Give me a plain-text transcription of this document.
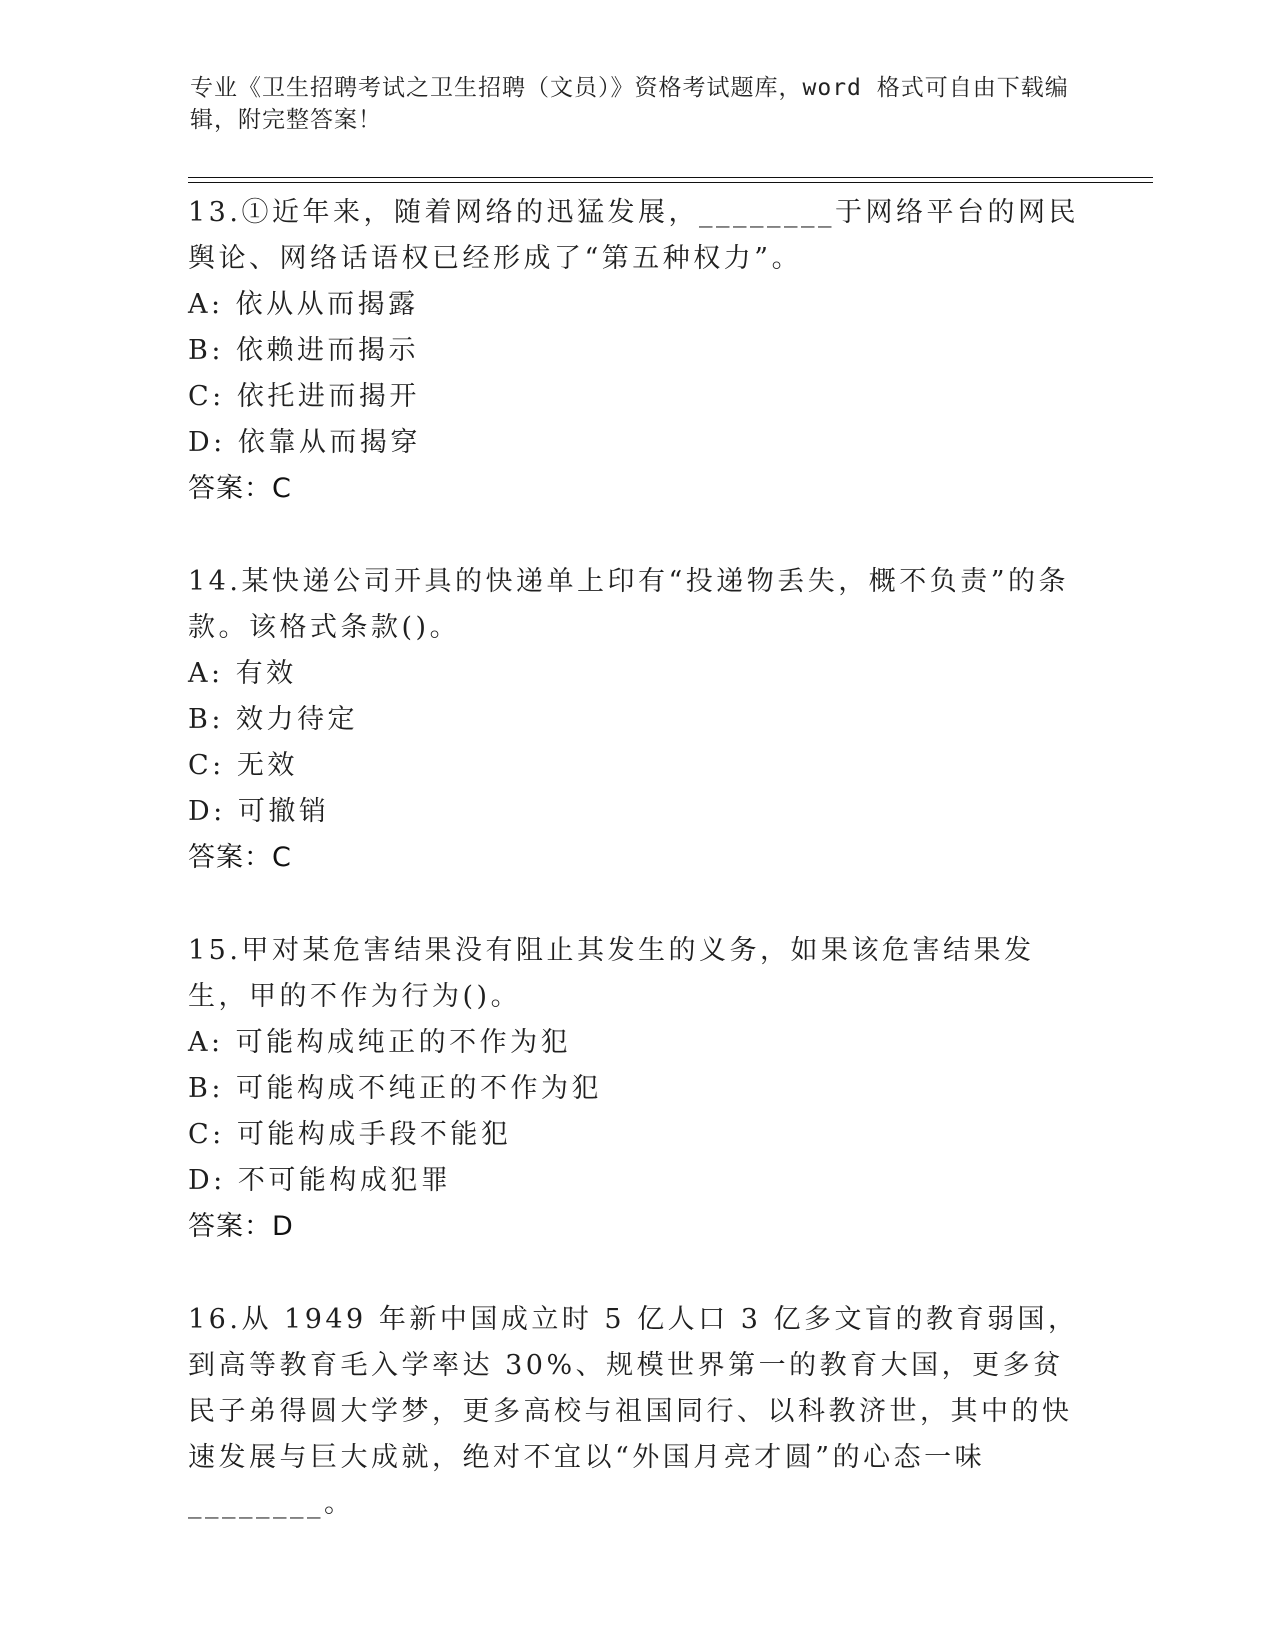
专业《卫生招聘考试之卫生招聘（文员）》资格考试题库，word 格式可自由下载编辑，附完整答案！

13.①近年来，随着网络的迅猛发展，________于网络平台的网民舆论、网络话语权已经形成了“第五种权力”。

A: 依从从而揭露

B: 依赖进而揭示

C: 依托进而揭开

D: 依靠从而揭穿

答案：C

14.某快递公司开具的快递单上印有“投递物丢失，概不负责”的条款。该格式条款()。

A: 有效

B: 效力待定

C: 无效

D: 可撤销

答案：C

15.甲对某危害结果没有阻止其发生的义务，如果该危害结果发生，甲的不作为行为()。

A: 可能构成纯正的不作为犯

B: 可能构成不纯正的不作为犯

C: 可能构成手段不能犯

D: 不可能构成犯罪

答案：D

16.从 1949 年新中国成立时 5 亿人口 3 亿多文盲的教育弱国，到高等教育毛入学率达 30%、规模世界第一的教育大国，更多贫民子弟得圆大学梦，更多高校与祖国同行、以科教济世，其中的快速发展与巨大成就，绝对不宜以“外国月亮才圆”的心态一味________。
